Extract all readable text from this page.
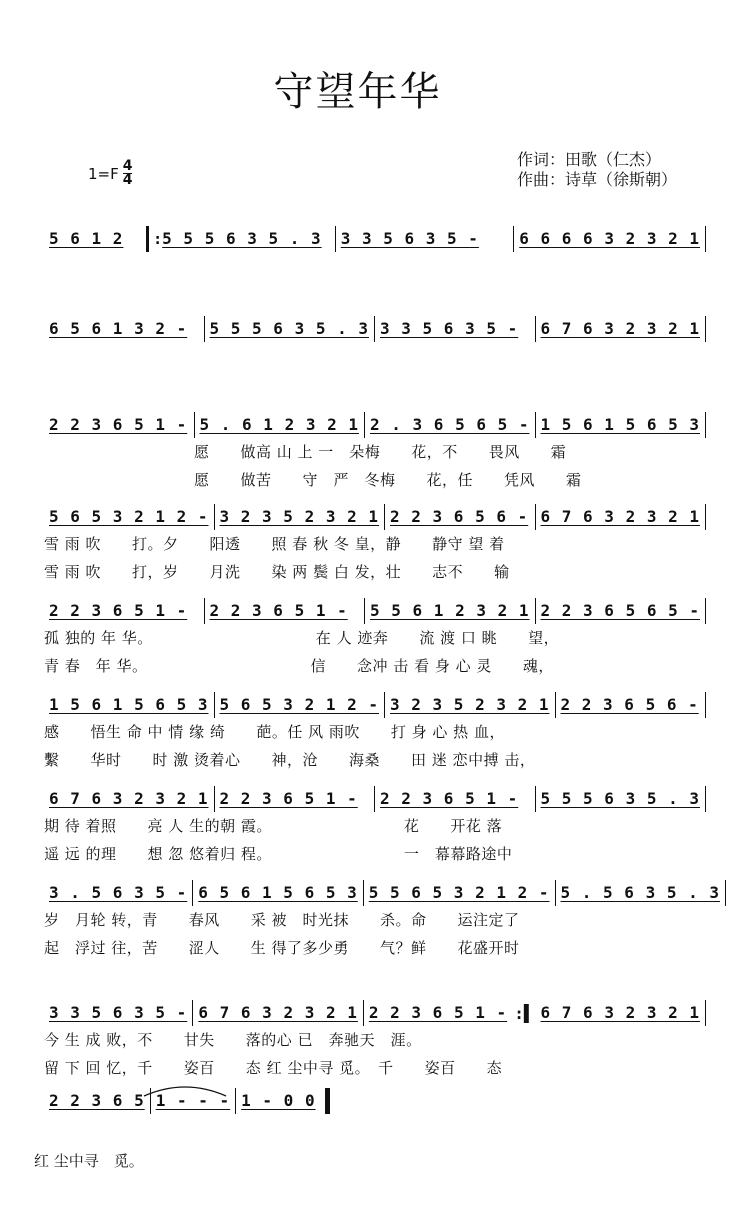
守望年华
$1=F \frac{4}{4}$
作词：田歌（仁杰）
作曲：诗草（徐斯朝）
5 6 1 2
: 5 5 5 6 3 5 . 3 3 3 5 6 3 5 -	6 6 6 6 3 2 3 2 1
6 5 6 1 3 2 - 5 5 5 6 3 5 . 3 3 3 5 6 3 5 - 6 7 6 3 2 3 2 1
2 2 3 6 5 1 - 5 . 6 1 2 3 2 1 2 . 3 6 5 6 5 - 1 5 6 1 5 6 5 3
愿　　做高 山 上 一　朵梅　　花，不　　畏风　　霜
愿　　做苦　　守　严　冬梅　　花，任　　凭风　　霜
5 6 5 3 2 1 2 - 3 2 3 5 2 3 2 1 2 2 3 6 5 6 - 6 7 6 3 2 3 2 1
雪 雨 吹　　打。夕　　阳透　　照 春 秋 冬 皇，静　　静守 望 着
雪 雨 吹　　打，岁　　月洗　　染 两 鬓 白 发，壮　　志不　　输
2 2 3 6 5 1 - 2 2 3 6 5 1 - 5 5 6 1 2 3 2 1 2 2 3 6 5 6 5 -
孤 独的 年 华。　　　　　　　　　　　在 人 迹奔　　流 渡 口 眺　　望，
青 春　年 华。　　　　　　　　　　　信　　念冲 击 看 身 心 灵　　魂，
1 5 6 1 5 6 5 3 5 6 5 3 2 1 2 - 3 2 3 5 2 3 2 1 2 2 3 6 5 6 -
感　　悟生 命 中 情 缘 绮　　葩。任 风 雨吹　　打 身 心 热 血，
繫　　华时　　时 激 烫着心　　神，沧　　海桑　　田 迷 恋中搏 击，
6 7 6 3 2 3 2 1 2 2 3 6 5 1 - 2 2 3 6 5 1 - 5 5 5 6 3 5 . 3
期 待 着照　　亮 人 生的朝 霞。　　　　　　　　　花　　开花 落
遥 远 的理　　想 忽 悠着归 程。　　　　　　　　　一　幕幕路途中
3 . 5 6 3 5 - 6 5 6 1 5 6 5 3 5 5 6 5 3 2 1 2 - 5 . 5 6 3 5 . 3
岁　月轮 转，青　　春风　　采 被　时光抹　　杀。命　　运注定了
起　浮过 往，苦　　涩人　　生 得了多少勇　　气？鲜　　花盛开时
3 3 5 6 3 5 - 6 7 6 3 2 3 2 1 2 2 3 6 5 1 - :▌ 6 7 6 3 2 3 2 1
今 生 成 败，不　　甘失　　落的心 已　奔驰天　涯。
留 下 回 忆，千　　姿百　　态 红 尘中寻 觅。　千　　姿百　　态
2 2 3 6 5 1 - - - 1 - 0 0
红 尘中寻　觅。
